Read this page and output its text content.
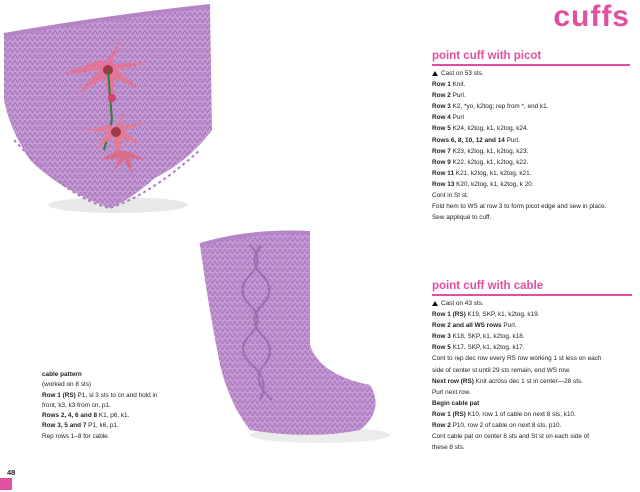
cuffs
point cuff with picot
Cast on 53 sts.
Row 1 Knit.
Row 2 Purl.
Row 3 K2, *yo, k2tog; rep from *, end k1.
Row 4 Purl
Row 5 K24, k2tog, k1, k2tog, k24.
Rows 6, 8, 10, 12 and 14 Purl.
Row 7 K23, k2tog, k1, k2tog, k23.
Row 9 K22, k2tog, k1, k2tog, k22.
Row 11 K21, k2tog, k1, k2tog, k21.
Row 13 K20, k2tog, k1, k2tog, k 20.
Cont in St st.
Fold hem to WS at row 3 to form picot edge and sew in place.
Sew appliqué to cuff.
point cuff with cable
Cast on 43 sts.
Row 1 (RS) K19, SKP, k1, k2tog, k19.
Row 2 and all WS rows Purl.
Row 3 K18, SKP, k1, k2tog, k18.
Row 5 K17, SKP, k1, k2tog, k17.
Cont to rep dec row every RS row working 1 st less on each
side of center st until 29 sts remain, end WS row.
Next row (RS) Knit across dec 1 st in center—28 sts.
Purl next row.
Begin cable pat
Row 1 (RS) K10, row 1 of cable on next 8 sts, k10.
Row 2 P10, row 2 of cable on next 8 sts, p10.
Cont cable pat on center 8 sts and St st on each side of
these 8 sts.
cable pattern
(worked on 8 sts)
Row 1 (RS) P1, sl 3 sts to cn and hold in
front, k3, k3 from cn, p1.
Rows 2, 4, 6 and 8 K1, p6, k1.
Row 3, 5 and 7 P1, k6, p1.
Rep rows 1–8 for cable.
48
